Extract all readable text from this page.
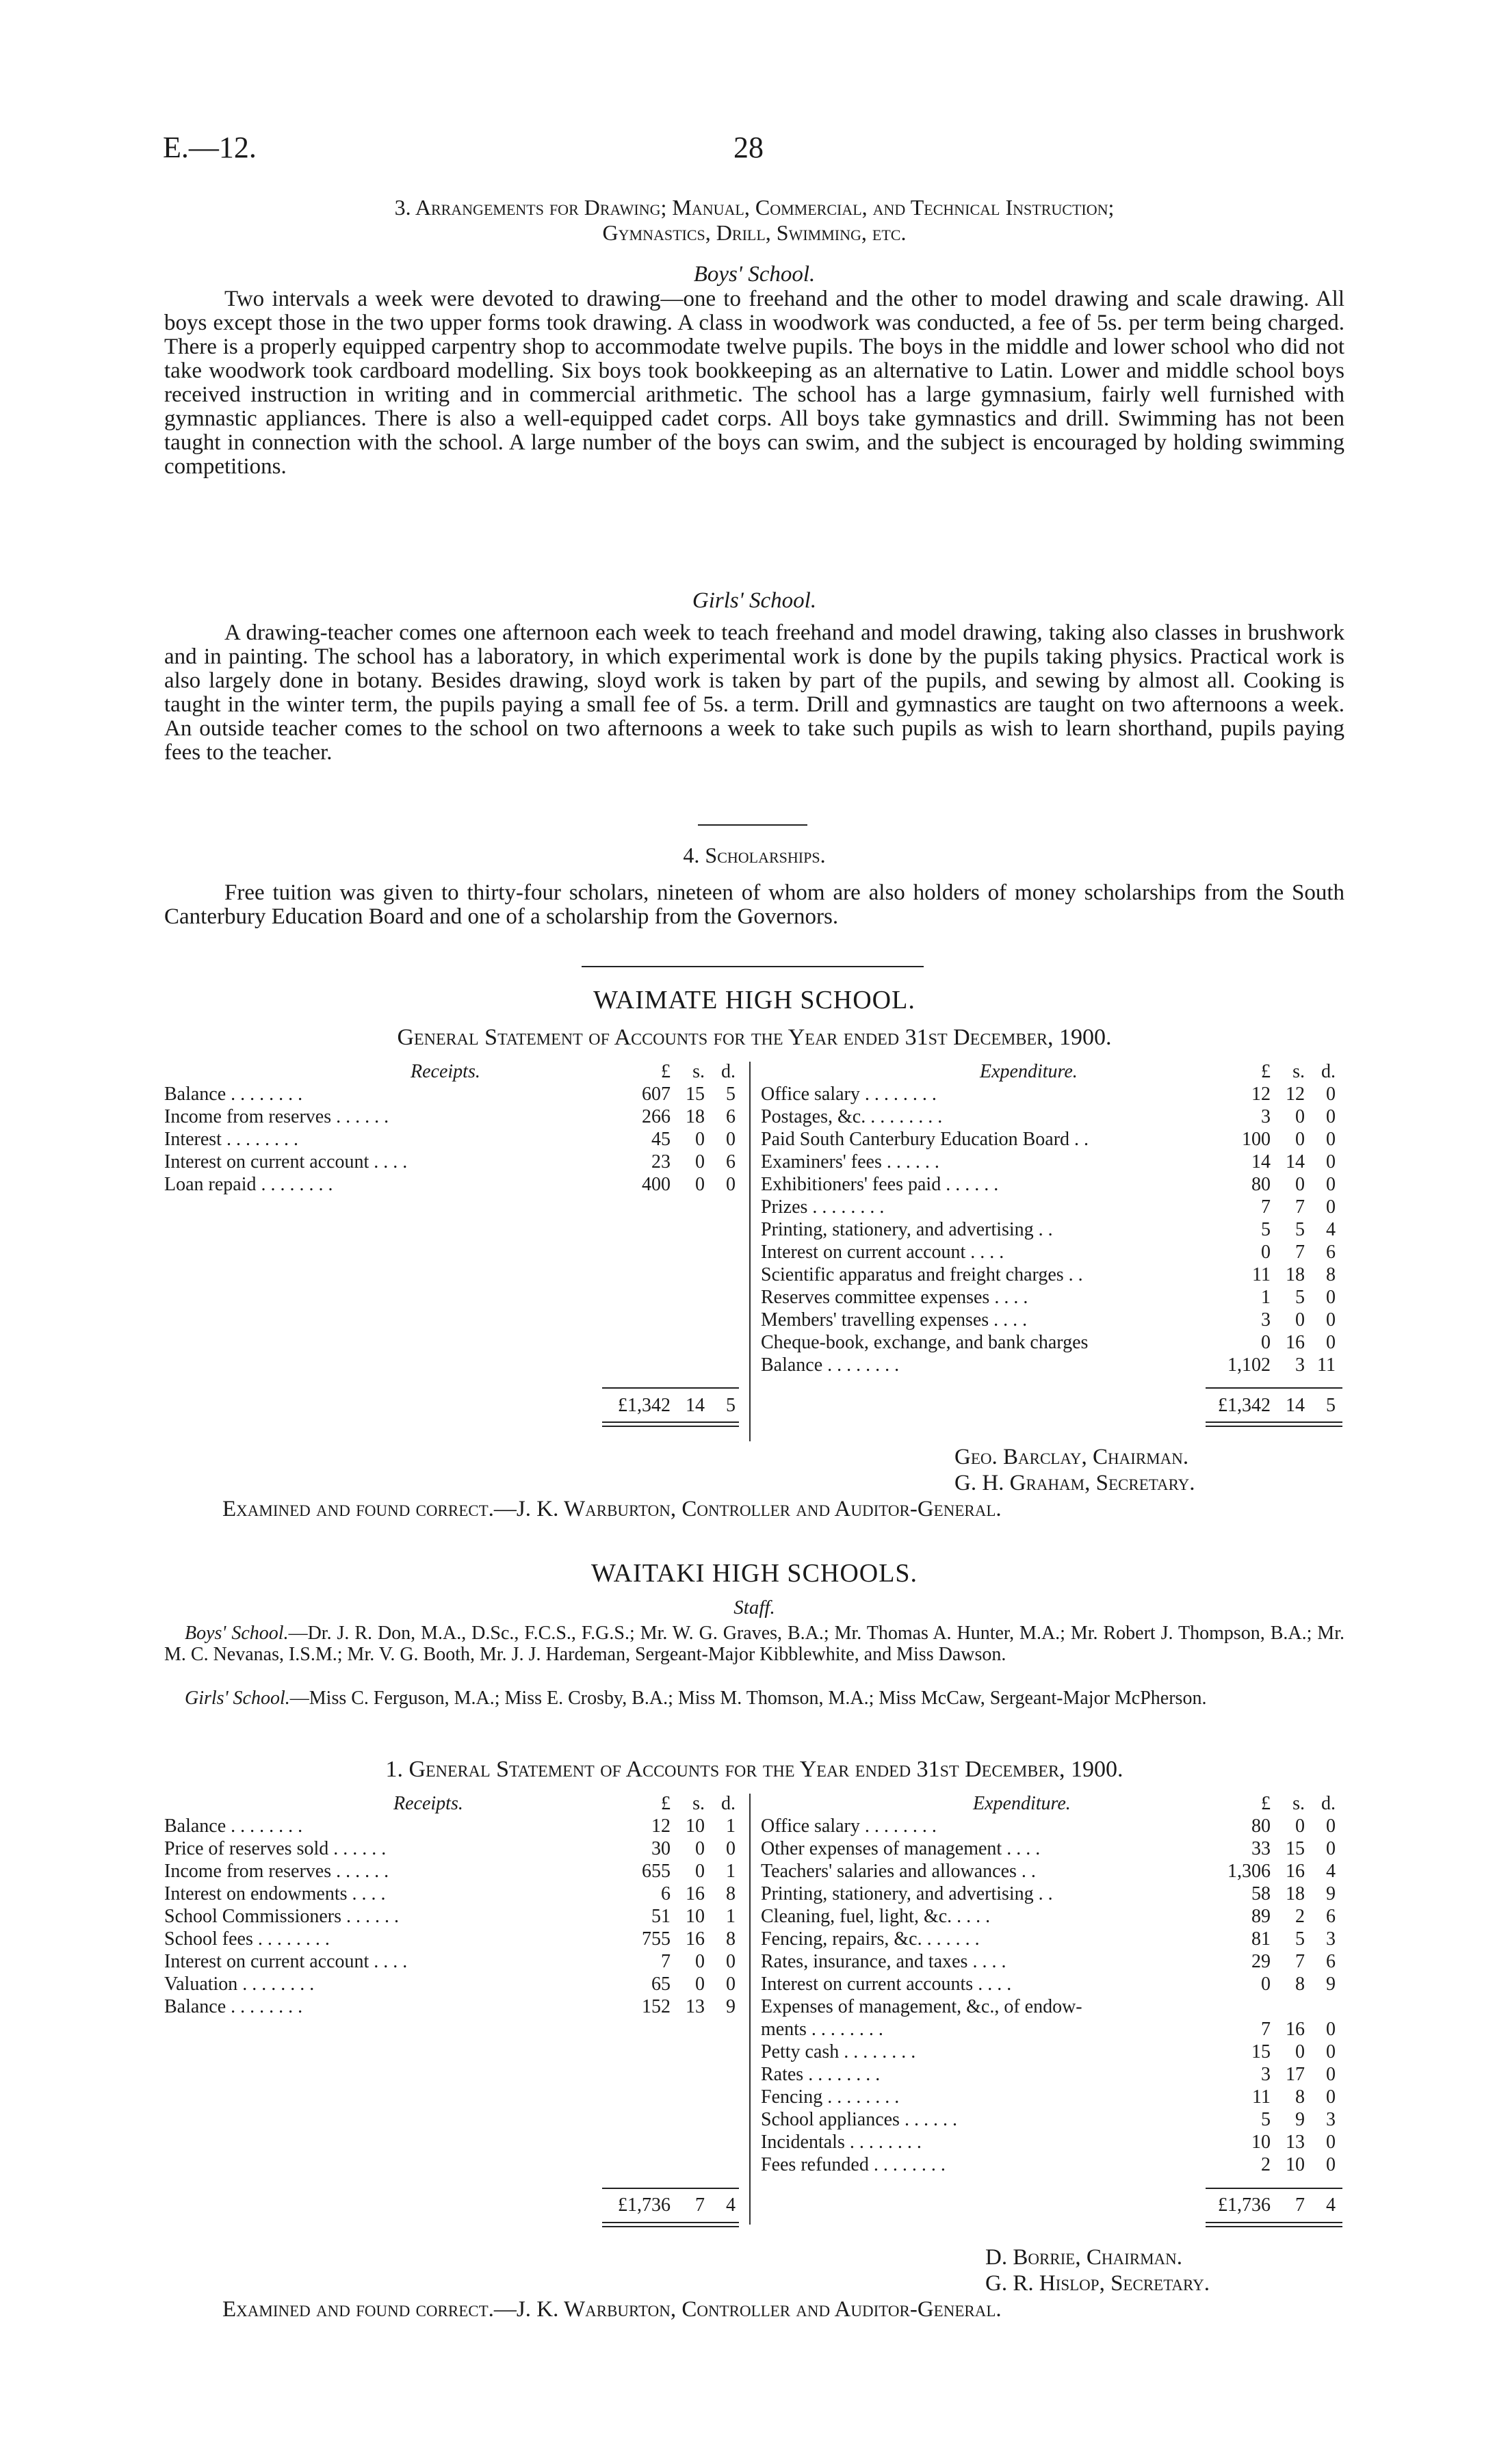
E.—12.	28
3. Arrangements for Drawing; Manual, Commercial, and Technical Instruction;
Gymnastics, Drill, Swimming, etc.
Boys' School.

Two intervals a week were devoted to drawing—one to freehand and the other to model drawing and scale drawing. All boys except those in the two upper forms took drawing. A class in woodwork was conducted, a fee of 5s. per term being charged. There is a properly equipped carpentry shop to accommodate twelve pupils. The boys in the middle and lower school who did not take woodwork took cardboard modelling. Six boys took bookkeeping as an alternative to Latin. Lower and middle school boys received instruction in writing and in commercial arithmetic. The school has a large gymnasium, fairly well furnished with gymnastic appliances. There is also a well-equipped cadet corps. All boys take gymnastics and drill. Swimming has not been taught in connection with the school. A large number of the boys can swim, and the subject is encouraged by holding swimming competitions.

Girls' School.

A drawing-teacher comes one afternoon each week to teach freehand and model drawing, taking also classes in brushwork and in painting. The school has a laboratory, in which experimental work is done by the pupils taking physics. Practical work is also largely done in botany. Besides drawing, sloyd work is taken by part of the pupils, and sewing by almost all. Cooking is taught in the winter term, the pupils paying a small fee of 5s. a term. Drill and gymnastics are taught on two afternoons a week. An outside teacher comes to the school on two afternoons a week to take such pupils as wish to learn shorthand, pupils paying fees to the teacher.

4. Scholarships.

Free tuition was given to thirty-four scholars, nineteen of whom are also holders of money scholarships from the South Canterbury Education Board and one of a scholarship from the Governors.

WAIMATE HIGH SCHOOL.
General Statement of Accounts for the Year ended 31st December, 1900.
Receipts.	£	s. d.
Balance . . . . . . . .	607 15	5
Income from reserves . . . . . .	266 18	6
Interest . . . . . . . .	45	0	0
Interest on current account . . . .	23	0	6
Loan repaid . . . . . . . .	400	0	0
Expenditure.	£	s. d.
Office salary . . . . . . . .	12 12	0
Postages, &c. . . . . . . . .	3	0	0
Paid South Canterbury Education Board . .	100	0	0
Examiners' fees . . . . . .	14 14	0
Exhibitioners' fees paid . . . . . .	80	0	0
Prizes . . . . . . . .	7	7	0
Printing, stationery, and advertising . .	5	5	4
Interest on current account . . . .	0	7	6
Scientific apparatus and freight charges . .	11 18	8
Reserves committee expenses . . . .	1	5	0
Members' travelling expenses . . . .	3	0	0
Cheque-book, exchange, and bank charges	0 16	0
Balance . . . . . . . .	1,102	3 11
£1,342 14	5	£1,342 14	5
Geo. Barclay, Chairman.
G. H. Graham, Secretary.
Examined and found correct.—J. K. Warburton, Controller and Auditor-General.
WAITAKI HIGH SCHOOLS.
Staff.

Boys' School.—Dr. J. R. Don, M.A., D.Sc., F.C.S., F.G.S.; Mr. W. G. Graves, B.A.; Mr. Thomas A. Hunter, M.A.; Mr. Robert J. Thompson, B.A.; Mr. M. C. Nevanas, I.S.M.; Mr. V. G. Booth, Mr. J. J. Hardeman, Sergeant-Major Kibblewhite, and Miss Dawson.

Girls' School.—Miss C. Ferguson, M.A.; Miss E. Crosby, B.A.; Miss M. Thomson, M.A.; Miss McCaw, Sergeant-Major McPherson.

1. General Statement of Accounts for the Year ended 31st December, 1900.
Receipts.	£	s. d.
Balance . . . . . . . .	12 10	1
Price of reserves sold . . . . . .	30	0	0
Income from reserves . . . . . .	655	0	1
Interest on endowments . . . .	6 16	8
School Commissioners . . . . . .	51 10	1
School fees . . . . . . . .	755 16	8
Interest on current account . . . .	7	0	0
Valuation . . . . . . . .	65	0	0
Balance . . . . . . . .	152 13	9
Expenditure.	£	s. d.
Office salary . . . . . . . .	80	0	0
Other expenses of management . . . .	33 15	0
Teachers' salaries and allowances . .	1,306 16	4
Printing, stationery, and advertising . .	58 18	9
Cleaning, fuel, light, &c. . . . .	89	2	6
Fencing, repairs, &c. . . . . . .	81	5	3
Rates, insurance, and taxes . . . .	29	7	6
Interest on current accounts . . . .	0	8	9
Expenses of management, &c., of endow-
ments . . . . . . . .	7 16	0
Petty cash . . . . . . . .	15	0	0
Rates . . . . . . . .	3 17	0
Fencing . . . . . . . .	11	8	0
School appliances . . . . . .	5	9	3
Incidentals . . . . . . . .	10 13	0
Fees refunded . . . . . . . .	2 10	0
£1,736	7	4	£1,736	7	4
D. Borrie, Chairman.
G. R. Hislop, Secretary.
Examined and found correct.—J. K. Warburton, Controller and Auditor-General.
